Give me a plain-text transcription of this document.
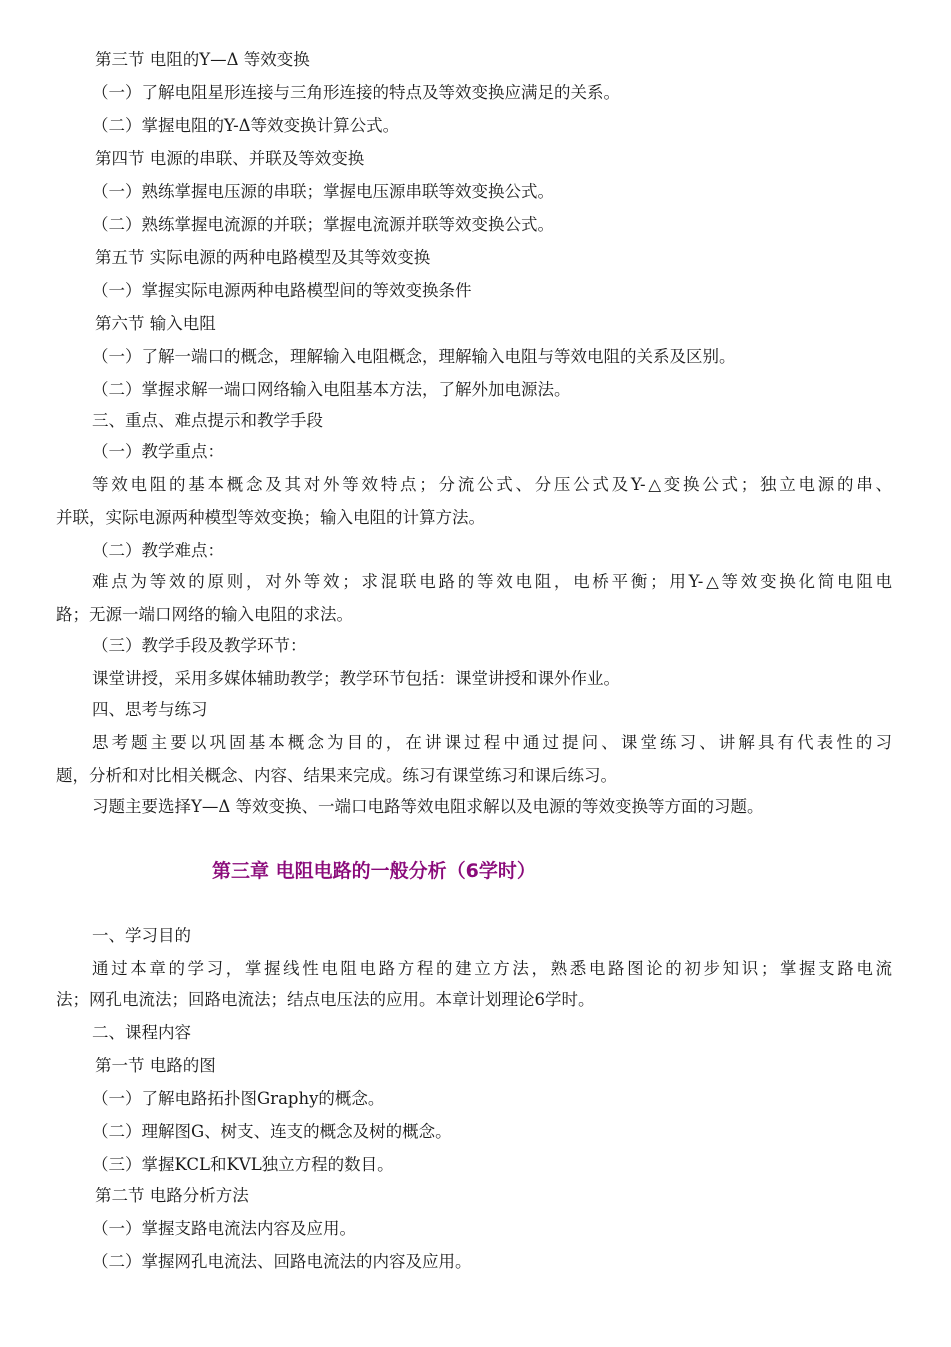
第三节 电阻的Y—Δ 等效变换
（一）了解电阻星形连接与三角形连接的特点及等效变换应满足的关系。
（二）掌握电阻的Y-Δ等效变换计算公式。
第四节 电源的串联、并联及等效变换
（一）熟练掌握电压源的串联；掌握电压源串联等效变换公式。
（二）熟练掌握电流源的并联；掌握电流源并联等效变换公式。
第五节 实际电源的两种电路模型及其等效变换
（一）掌握实际电源两种电路模型间的等效变换条件
第六节 输入电阻
（一）了解一端口的概念，理解输入电阻概念，理解输入电阻与等效电阻的关系及区别。
（二）掌握求解一端口网络输入电阻基本方法，了解外加电源法。
三、重点、难点提示和教学手段
（一）教学重点：
等效电阻的基本概念及其对外等效特点；分流公式、分压公式及Y-△变换公式；独立电源的串、
并联，实际电源两种模型等效变换；输入电阻的计算方法。
（二）教学难点：
难点为等效的原则，对外等效；求混联电路的等效电阻，电桥平衡；用Y-△等效变换化简电阻电
路；无源一端口网络的输入电阻的求法。
（三）教学手段及教学环节：
课堂讲授，采用多媒体辅助教学；教学环节包括：课堂讲授和课外作业。
四、思考与练习
思考题主要以巩固基本概念为目的，在讲课过程中通过提问、课堂练习、讲解具有代表性的习
题，分析和对比相关概念、内容、结果来完成。练习有课堂练习和课后练习。
习题主要选择Y—Δ 等效变换、一端口电路等效电阻求解以及电源的等效变换等方面的习题。
第三章 电阻电路的一般分析（6学时）
一、学习目的
通过本章的学习，掌握线性电阻电路方程的建立方法，熟悉电路图论的初步知识；掌握支路电流
法；网孔电流法；回路电流法；结点电压法的应用。本章计划理论6学时。
二、课程内容
第一节 电路的图
（一）了解电路拓扑图Graphy的概念。
（二）理解图G、树支、连支的概念及树的概念。
（三）掌握KCL和KVL独立方程的数目。
第二节 电路分析方法
（一）掌握支路电流法内容及应用。
（二）掌握网孔电流法、回路电流法的内容及应用。
